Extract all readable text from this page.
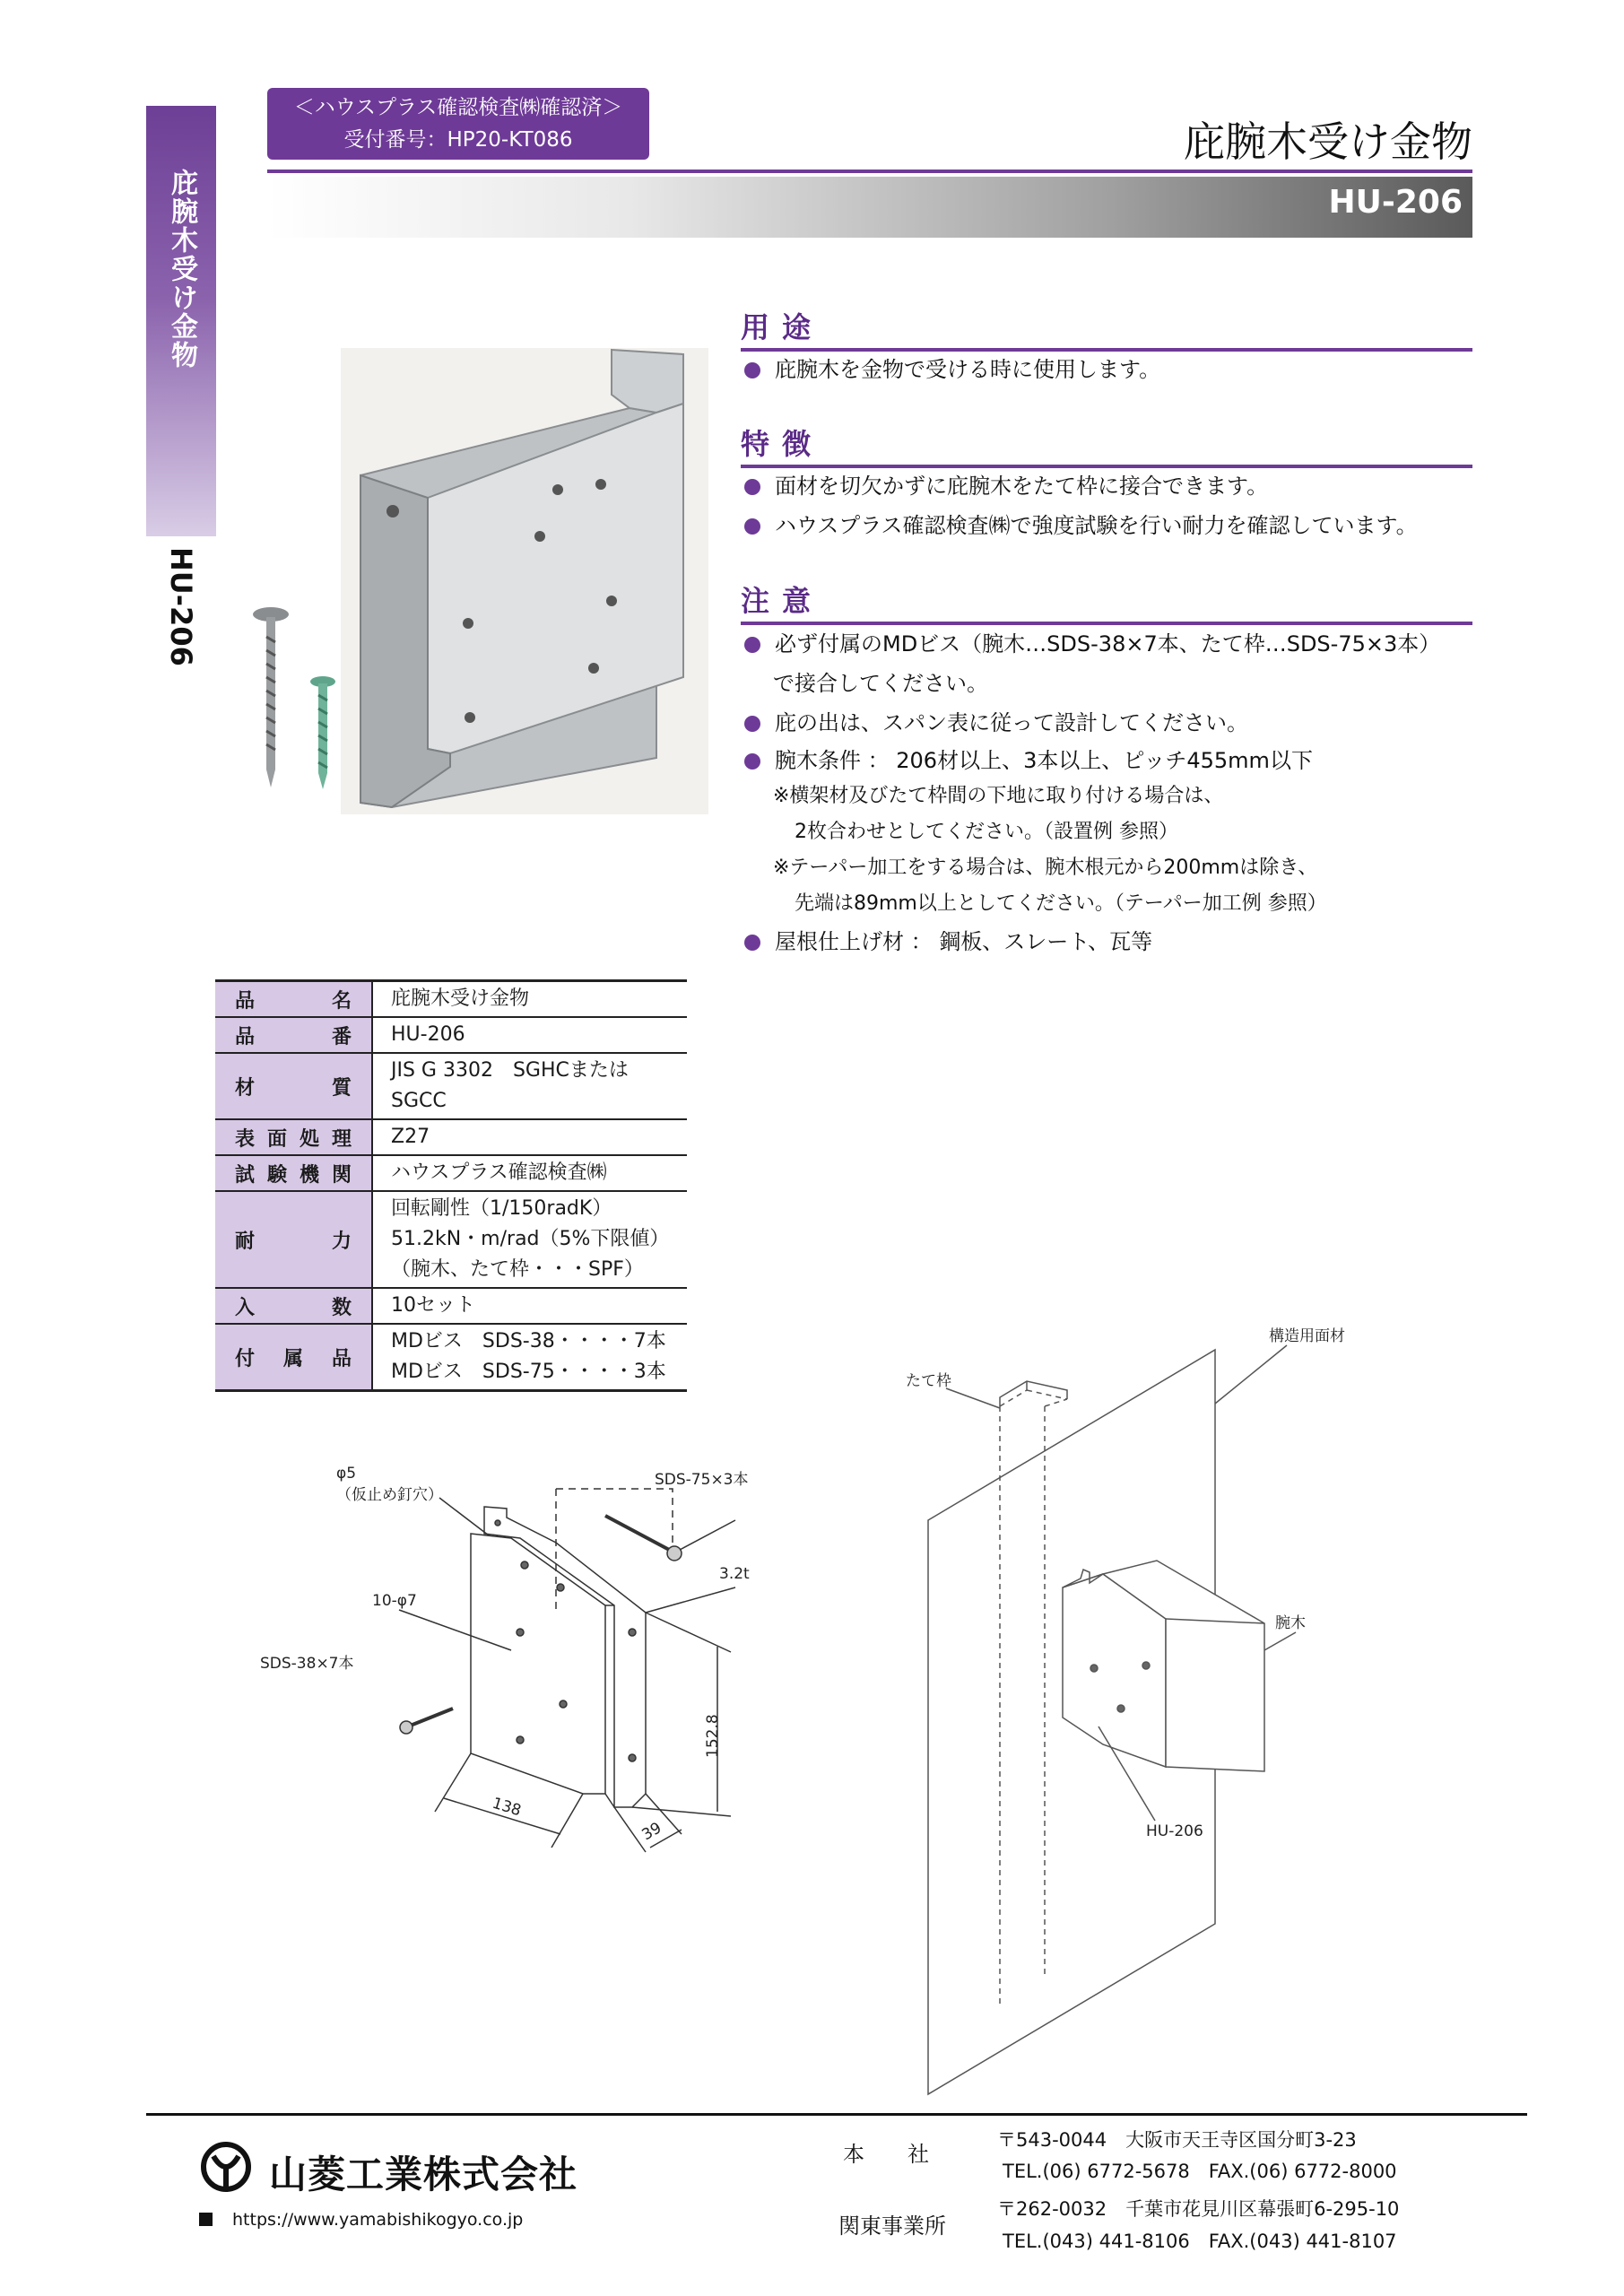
庇腕木受け金物
HU-206
＜ハウスプラス確認検査㈱確認済＞
受付番号：HP20-KT086	庇腕木受け金物
HU-206
用途
庇腕木を金物で受ける時に使用します。
特徴
面材を切欠かずに庇腕木をたて枠に接合できます。
ハウスプラス確認検査㈱で強度試験を行い耐力を確認しています。
注意
必ず付属のMDビス（腕木…SDS-38×7本、たて枠…SDS-75×3本）
で接合してください。
庇の出は、スパン表に従って設計してください。
腕木条件 ： 206材以上、3本以上、ピッチ455mm以下
※横架材及びたて枠間の下地に取り付ける場合は、
2枚合わせとしてください。（設置例 参照）
※テーパー加工をする場合は、腕木根元から200mmは除き、
先端は89mm以上としてください。（テーパー加工例 参照）
屋根仕上げ材 ： 鋼板、スレート、瓦等
品名	庇腕木受け金物
品番	HU-206
材質	JIS G 3302　SGHCまたはSGCC
表面処理	Z27
試験機関	ハウスプラス確認検査㈱
耐力	回転剛性（1/150radK）
51.2kN・m/rad（5%下限値）
（腕木、たて枠・・・SPF）

入数	10セット
付属品	MDビス　SDS-38・・・・7本
MDビス　SDS-75・・・・3本
φ5
（仮止め釘穴）
SDS-75×3本
10-φ7
3.2t
SDS-38×7本
138
152.8
39
たて枠
構造用面材
腕木
HU-206
山菱工業株式会社
https://www.yamabishikogyo.co.jp
本　　社
〒543-0044　大阪市天王寺区国分町3-23
TEL.(06) 6772-5678　FAX.(06) 6772-8000
関東事業所
〒262-0032　千葉市花見川区幕張町6-295-10
TEL.(043) 441-8106　FAX.(043) 441-8107
